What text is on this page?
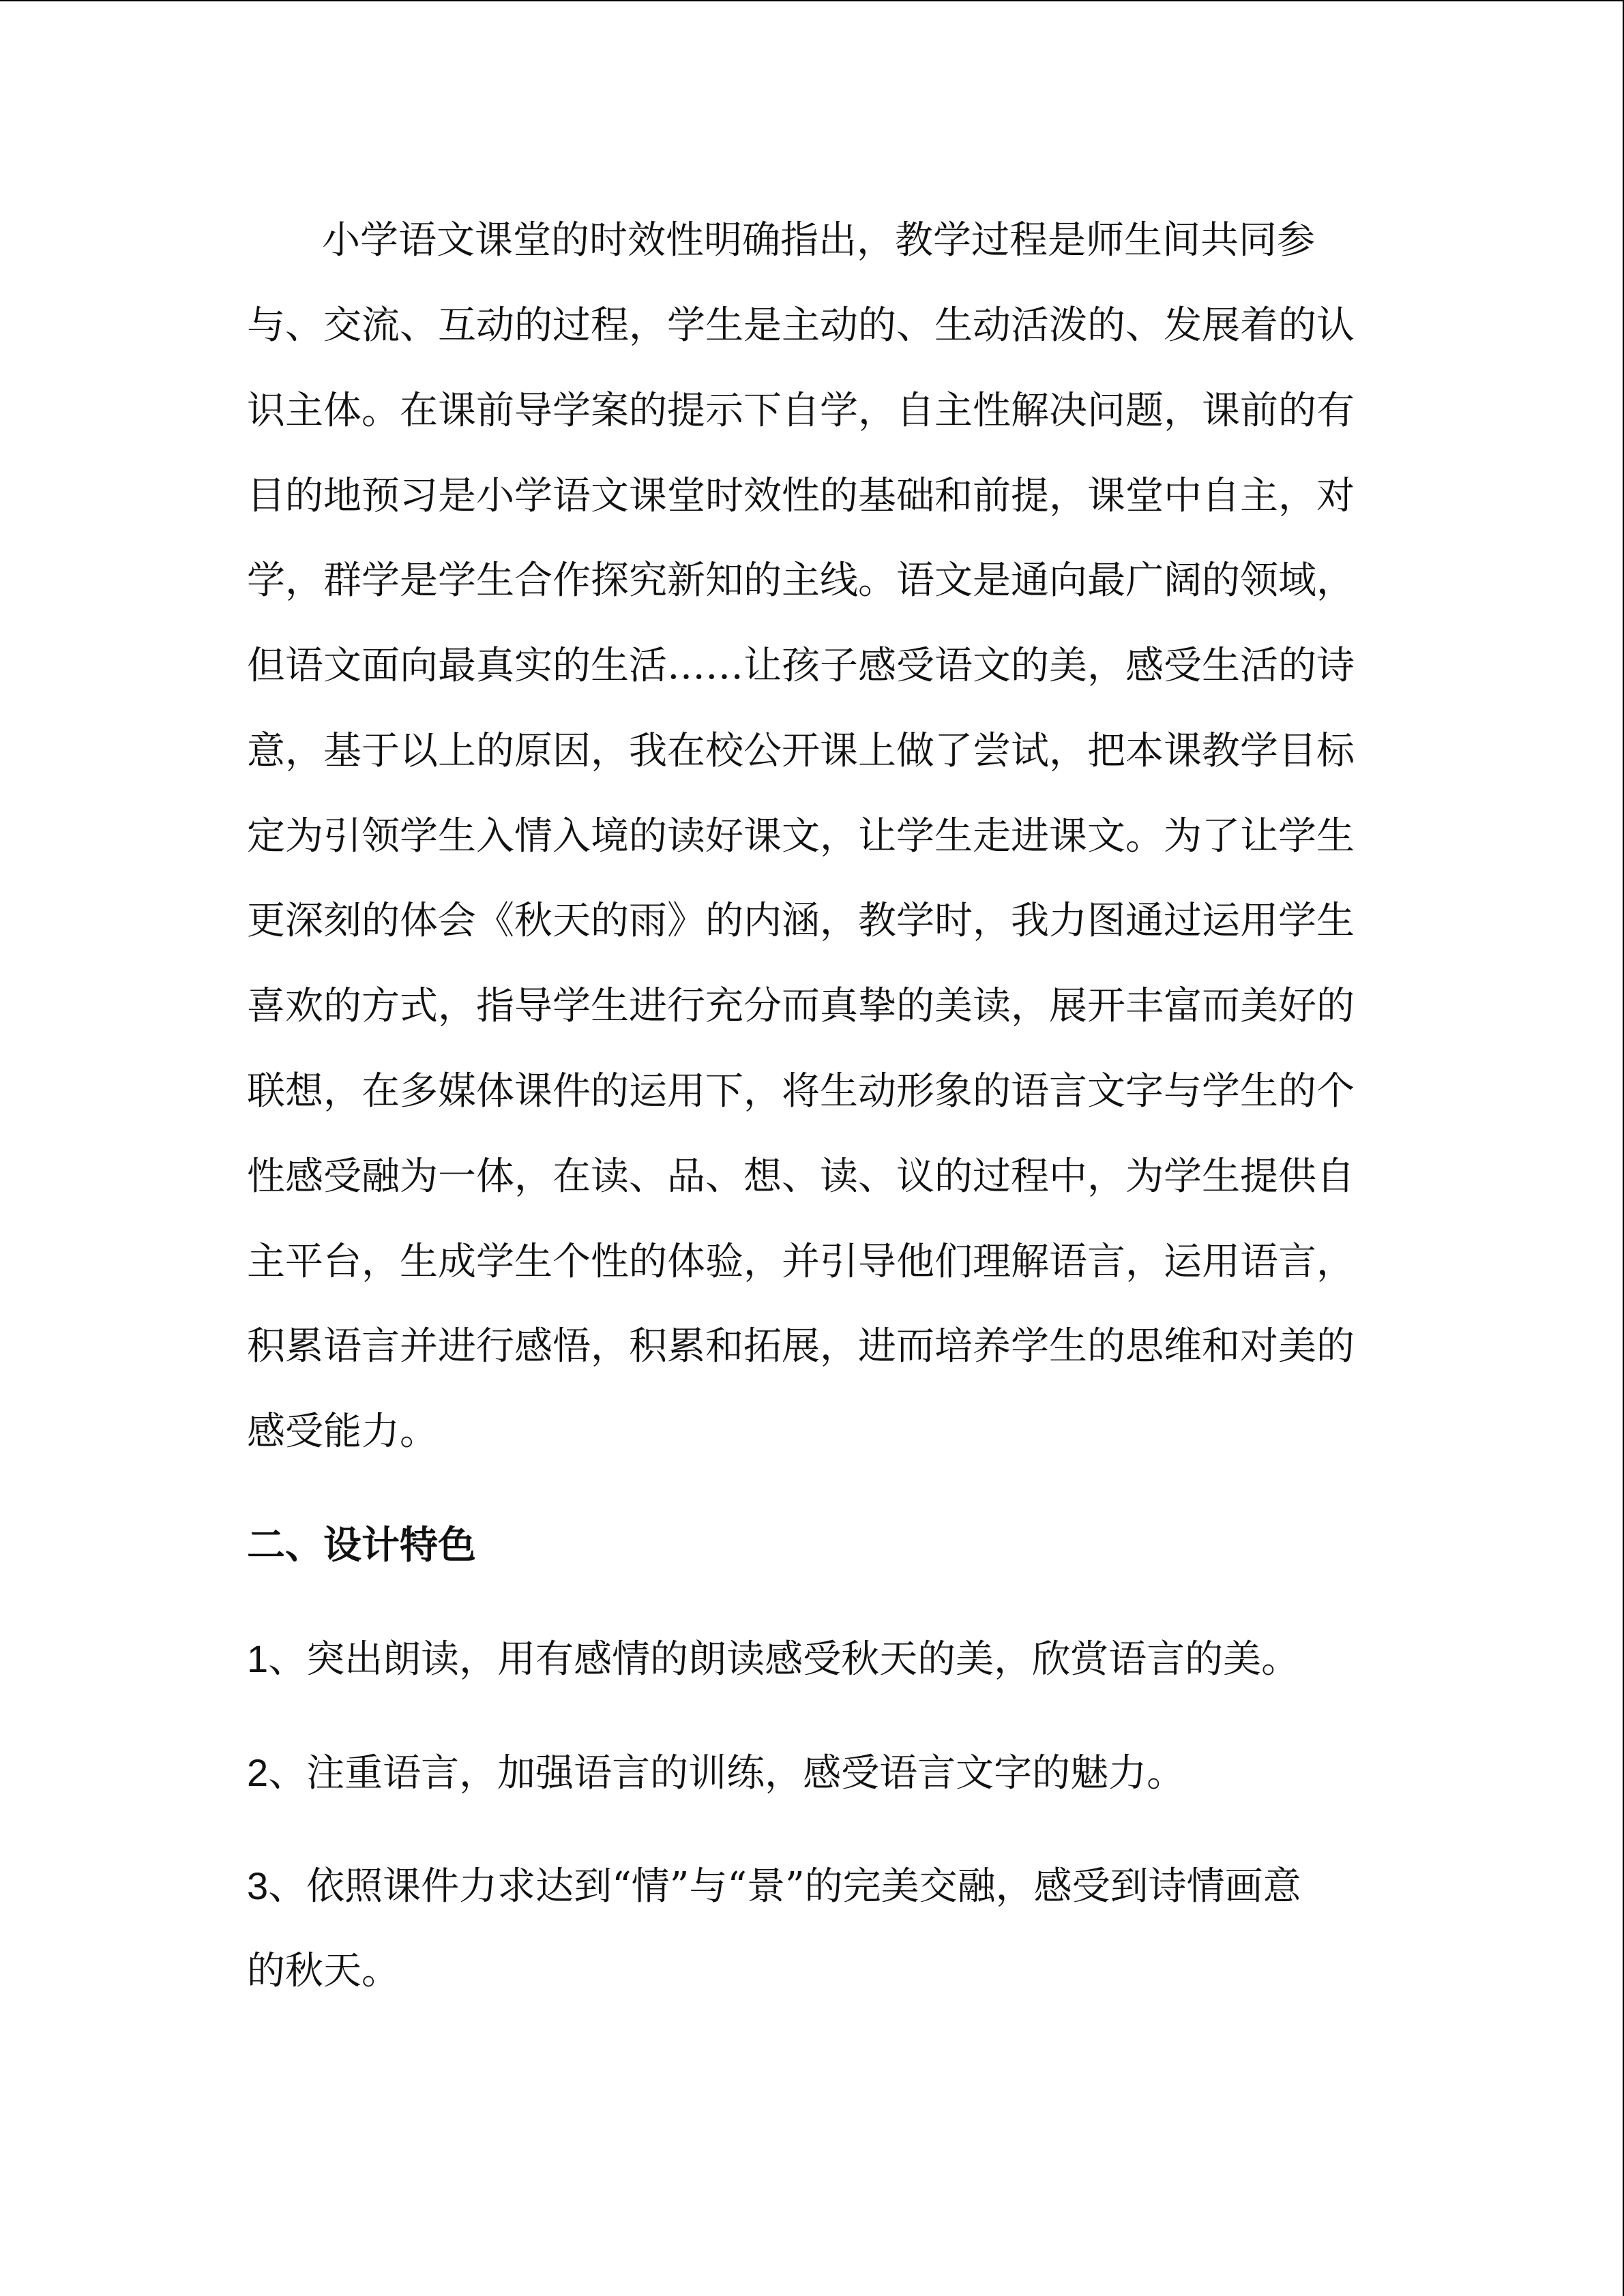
小学语文课堂的时效性明确指出，教学过程是师生间共同参
与、交流、互动的过程，学生是主动的、生动活泼的、发展着的认
识主体。在课前导学案的提示下自学，自主性解决问题，课前的有
目的地预习是小学语文课堂时效性的基础和前提，课堂中自主，对
学，群学是学生合作探究新知的主线。语文是通向最广阔的领域，
但语文面向最真实的生活……让孩子感受语文的美，感受生活的诗
意，基于以上的原因，我在校公开课上做了尝试，把本课教学目标
定为引领学生入情入境的读好课文，让学生走进课文。为了让学生
更深刻的体会《秋天的雨》的内涵，教学时，我力图通过运用学生
喜欢的方式，指导学生进行充分而真挚的美读，展开丰富而美好的
联想，在多媒体课件的运用下，将生动形象的语言文字与学生的个
性感受融为一体，在读、品、想、读、议的过程中，为学生提供自
主平台，生成学生个性的体验，并引导他们理解语言，运用语言，
积累语言并进行感悟，积累和拓展，进而培养学生的思维和对美的
感受能力。
二、设计特色
1、突出朗读，用有感情的朗读感受秋天的美，欣赏语言的美。
2、注重语言，加强语言的训练，感受语言文字的魅力。
3、依照课件力求达到“情”与“景”的完美交融，感受到诗情画意
的秋天。
